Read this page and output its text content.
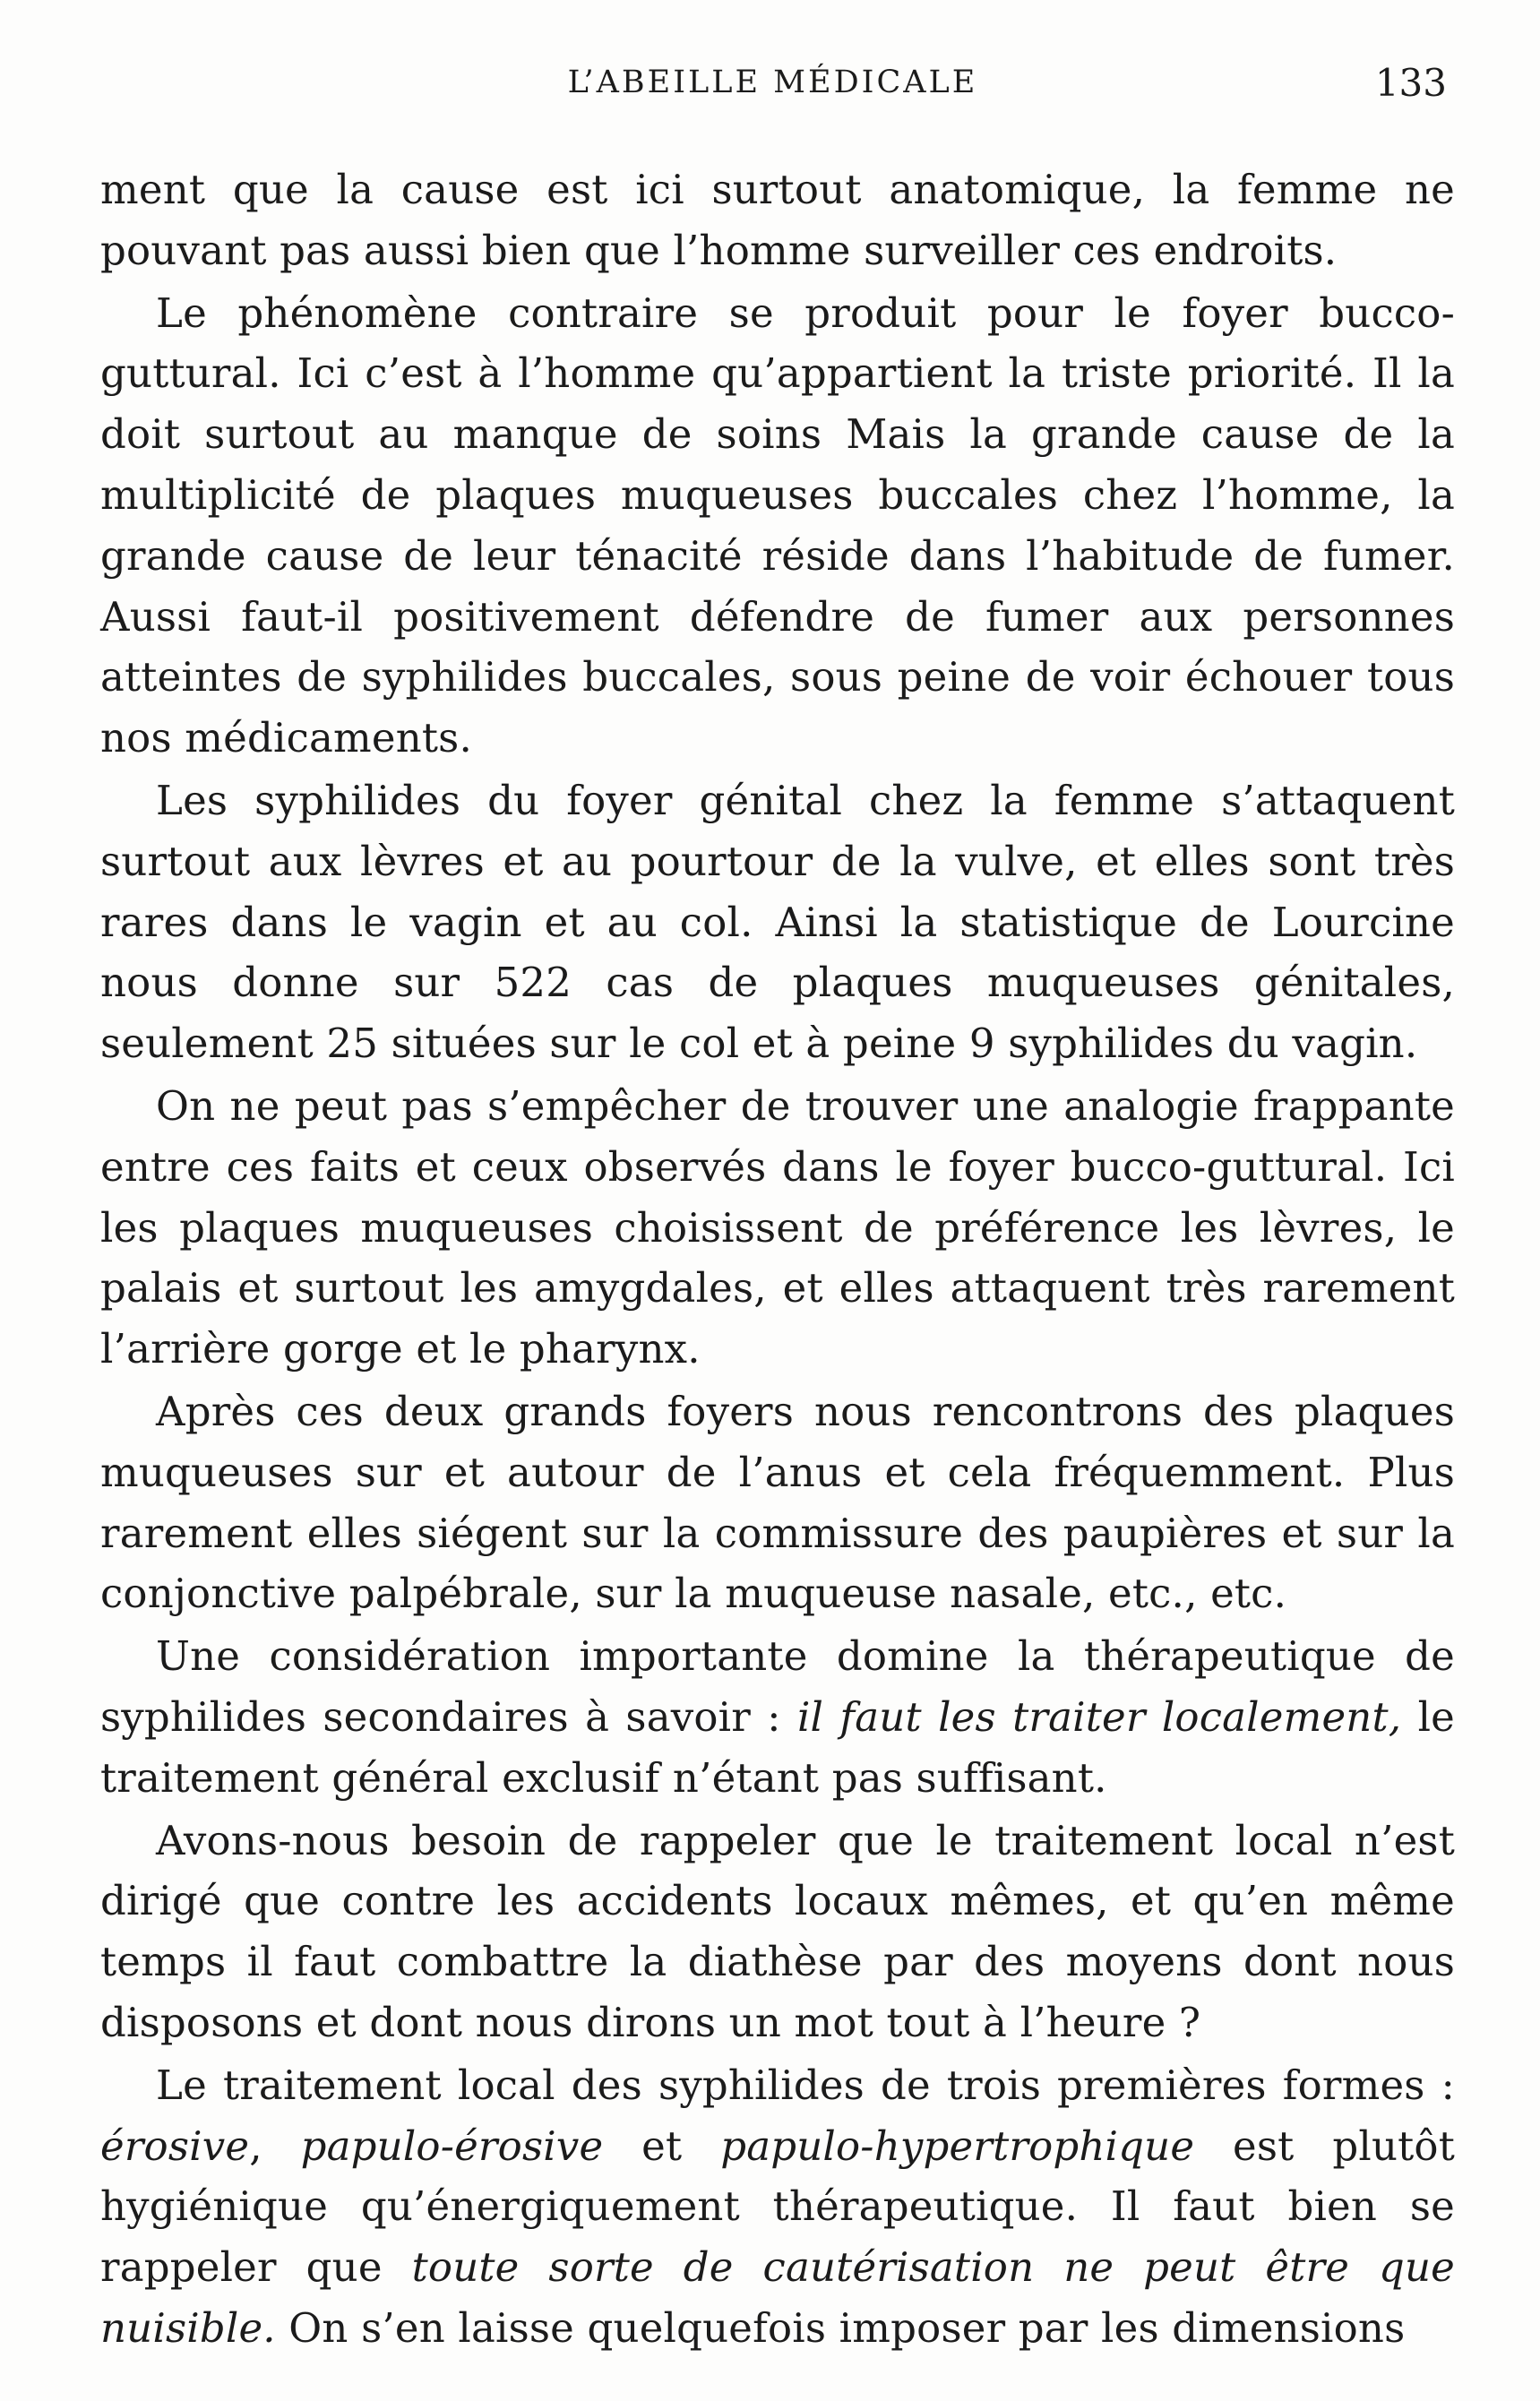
L’ABEILLE MÉDICALE	133

ment que la cause est ici surtout anatomique, la femme ne pouvant pas aussi bien que l’homme surveiller ces endroits.

Le phénomène contraire se produit pour le foyer bucco-guttural. Ici c’est à l’homme qu’appartient la triste priorité. Il la doit surtout au manque de soins Mais la grande cause de la multiplicité de plaques muqueuses buccales chez l’homme, la grande cause de leur ténacité réside dans l’habitude de fumer. Aussi faut-il positivement défendre de fumer aux personnes atteintes de syphilides buccales, sous peine de voir échouer tous nos médicaments.

Les syphilides du foyer génital chez la femme s’attaquent surtout aux lèvres et au pourtour de la vulve, et elles sont très rares dans le vagin et au col. Ainsi la statistique de Lourcine nous donne sur 522 cas de plaques muqueuses génitales, seulement 25 situées sur le col et à peine 9 syphilides du vagin.

On ne peut pas s’empêcher de trouver une analogie frappante entre ces faits et ceux observés dans le foyer bucco-guttural. Ici les plaques muqueuses choisissent de préférence les lèvres, le palais et surtout les amygdales, et elles attaquent très rarement l’arrière gorge et le pharynx.

Après ces deux grands foyers nous rencontrons des plaques muqueuses sur et autour de l’anus et cela fréquemment. Plus rarement elles siégent sur la commissure des paupières et sur la conjonctive palpébrale, sur la muqueuse nasale, etc., etc.

Une considération importante domine la thérapeutique de syphilides secondaires à savoir : il faut les traiter localement, le traitement général exclusif n’étant pas suffisant.

Avons-nous besoin de rappeler que le traitement local n’est dirigé que contre les accidents locaux mêmes, et qu’en même temps il faut combattre la diathèse par des moyens dont nous disposons et dont nous dirons un mot tout à l’heure ?

Le traitement local des syphilides de trois premières formes : érosive, papulo-érosive et papulo-hypertrophique est plutôt hygiénique qu’énergiquement thérapeutique. Il faut bien se rappeler que toute sorte de cautérisation ne peut être que nuisible. On s’en laisse quelquefois imposer par les dimensions
